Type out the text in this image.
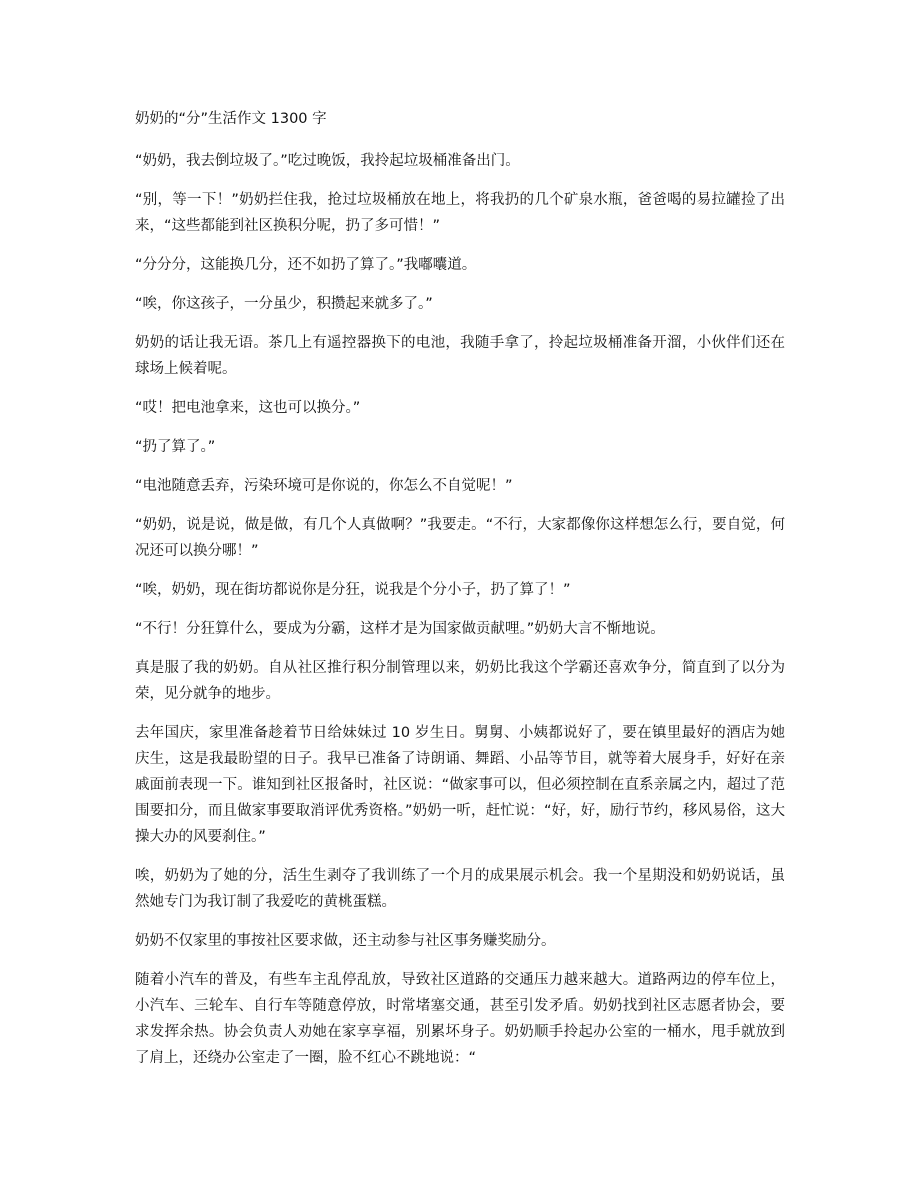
奶奶的“分”生活作文 1300 字

“奶奶，我去倒垃圾了。”吃过晚饭，我拎起垃圾桶准备出门。

“别，等一下！”奶奶拦住我，抢过垃圾桶放在地上，将我扔的几个矿泉水瓶，爸爸喝的易拉罐捡了出来，“这些都能到社区换积分呢，扔了多可惜！”

“分分分，这能换几分，还不如扔了算了。”我嘟囔道。

“唉，你这孩子，一分虽少，积攒起来就多了。”

奶奶的话让我无语。茶几上有遥控器换下的电池，我随手拿了，拎起垃圾桶准备开溜，小伙伴们还在球场上候着呢。

“哎！把电池拿来，这也可以换分。”

“扔了算了。”

“电池随意丢弃，污染环境可是你说的，你怎么不自觉呢！”

“奶奶，说是说，做是做，有几个人真做啊？”我要走。“不行，大家都像你这样想怎么行，要自觉，何况还可以换分哪！”

“唉，奶奶，现在街坊都说你是分狂，说我是个分小子，扔了算了！”

“不行！分狂算什么，要成为分霸，这样才是为国家做贡献哩。”奶奶大言不惭地说。

真是服了我的奶奶。自从社区推行积分制管理以来，奶奶比我这个学霸还喜欢争分，简直到了以分为荣，见分就争的地步。

去年国庆，家里准备趁着节日给妹妹过 10 岁生日。舅舅、小姨都说好了，要在镇里最好的酒店为她庆生，这是我最盼望的日子。我早已准备了诗朗诵、舞蹈、小品等节目，就等着大展身手，好好在亲戚面前表现一下。谁知到社区报备时，社区说：“做家事可以，但必须控制在直系亲属之内，超过了范围要扣分，而且做家事要取消评优秀资格。”奶奶一听，赶忙说：“好，好，励行节约，移风易俗，这大操大办的风要刹住。”

唉，奶奶为了她的分，活生生剥夺了我训练了一个月的成果展示机会。我一个星期没和奶奶说话，虽然她专门为我订制了我爱吃的黄桃蛋糕。

奶奶不仅家里的事按社区要求做，还主动参与社区事务赚奖励分。

随着小汽车的普及，有些车主乱停乱放，导致社区道路的交通压力越来越大。道路两边的停车位上，小汽车、三轮车、自行车等随意停放，时常堵塞交通，甚至引发矛盾。奶奶找到社区志愿者协会，要求发挥余热。协会负责人劝她在家享享福，别累坏身子。奶奶顺手拎起办公室的一桶水，甩手就放到了肩上，还绕办公室走了一圈，脸不红心不跳地说：“
